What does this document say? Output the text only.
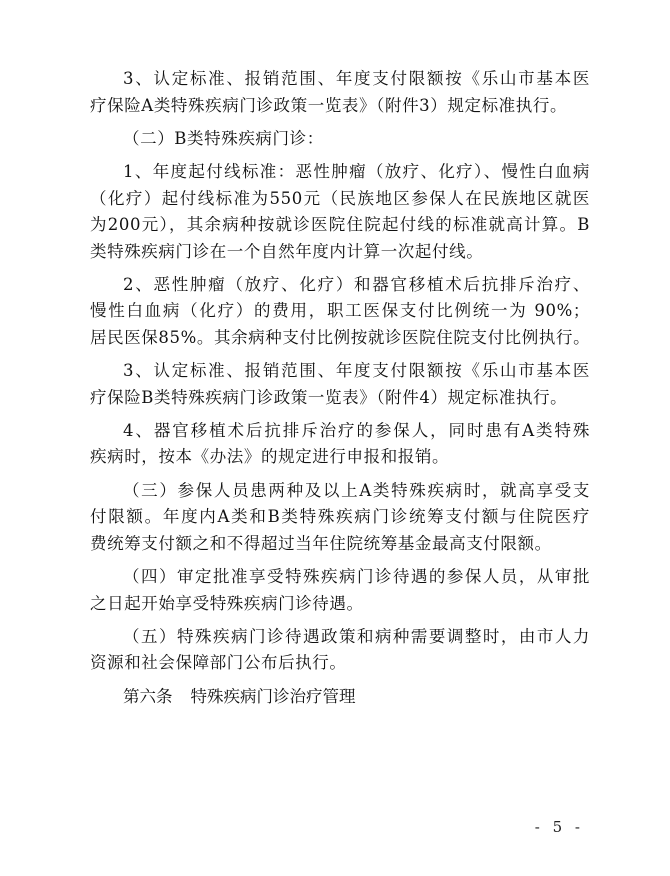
3、认定标准、报销范围、年度支付限额按《乐山市基本医
疗保险A类特殊疾病门诊政策一览表》（附件3）规定标准执行。
（二）B类特殊疾病门诊：
1、年度起付线标准：恶性肿瘤（放疗、化疗）、慢性白血病
（化疗）起付线标准为550元（民族地区参保人在民族地区就医
为200元），其余病种按就诊医院住院起付线的标准就高计算。B
类特殊疾病门诊在一个自然年度内计算一次起付线。
2、恶性肿瘤（放疗、化疗）和器官移植术后抗排斥治疗、
慢性白血病（化疗）的费用，职工医保支付比例统一为 90%；
居民医保85%。其余病种支付比例按就诊医院住院支付比例执行。
3、认定标准、报销范围、年度支付限额按《乐山市基本医
疗保险B类特殊疾病门诊政策一览表》（附件4）规定标准执行。
4、器官移植术后抗排斥治疗的参保人，同时患有A类特殊
疾病时，按本《办法》的规定进行申报和报销。
（三）参保人员患两种及以上A类特殊疾病时，就高享受支
付限额。年度内A类和B类特殊疾病门诊统筹支付额与住院医疗
费统筹支付额之和不得超过当年住院统筹基金最高支付限额。
（四）审定批准享受特殊疾病门诊待遇的参保人员，从审批
之日起开始享受特殊疾病门诊待遇。
（五）特殊疾病门诊待遇政策和病种需要调整时，由市人力
资源和社会保障部门公布后执行。
第六条 特殊疾病门诊治疗管理
- 5 -
